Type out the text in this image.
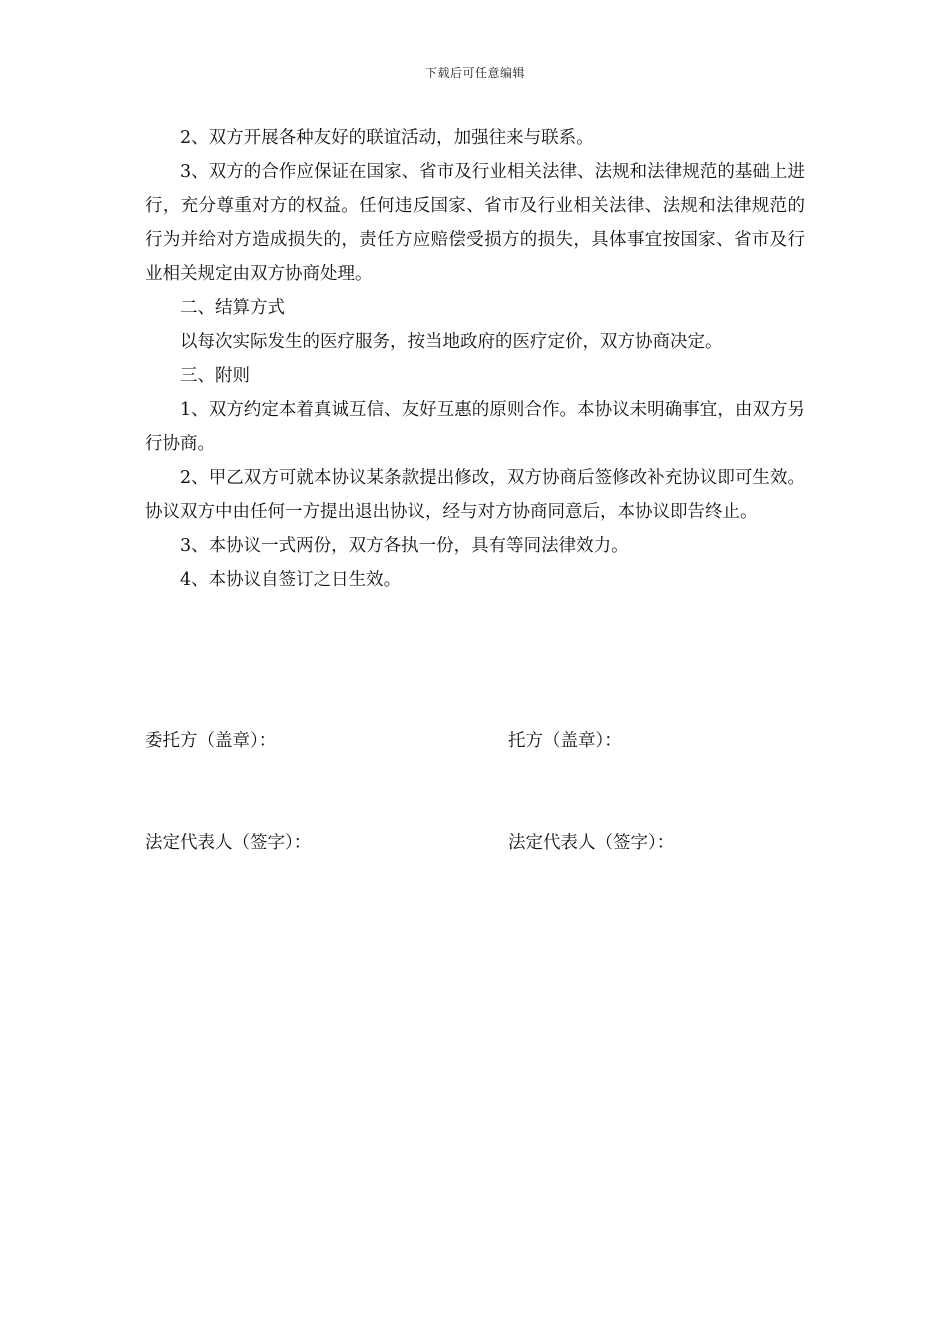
下载后可任意编辑

2、双方开展各种友好的联谊活动，加强往来与联系。

3、双方的合作应保证在国家、省市及行业相关法律、法规和法律规范的基础上进行，充分尊重对方的权益。任何违反国家、省市及行业相关法律、法规和法律规范的行为并给对方造成损失的，责任方应赔偿受损方的损失，具体事宜按国家、省市及行业相关规定由双方协商处理。

二、结算方式

以每次实际发生的医疗服务，按当地政府的医疗定价，双方协商决定。

三、附则

1、双方约定本着真诚互信、友好互惠的原则合作。本协议未明确事宜，由双方另行协商。

2、甲乙双方可就本协议某条款提出修改，双方协商后签修改补充协议即可生效。协议双方中由任何一方提出退出协议，经与对方协商同意后，本协议即告终止。

3、本协议一式两份，双方各执一份，具有等同法律效力。

4、本协议自签订之日生效。

委托方（盖章）：	托方（盖章）：
法定代表人（签字）：	法定代表人（签字）：
